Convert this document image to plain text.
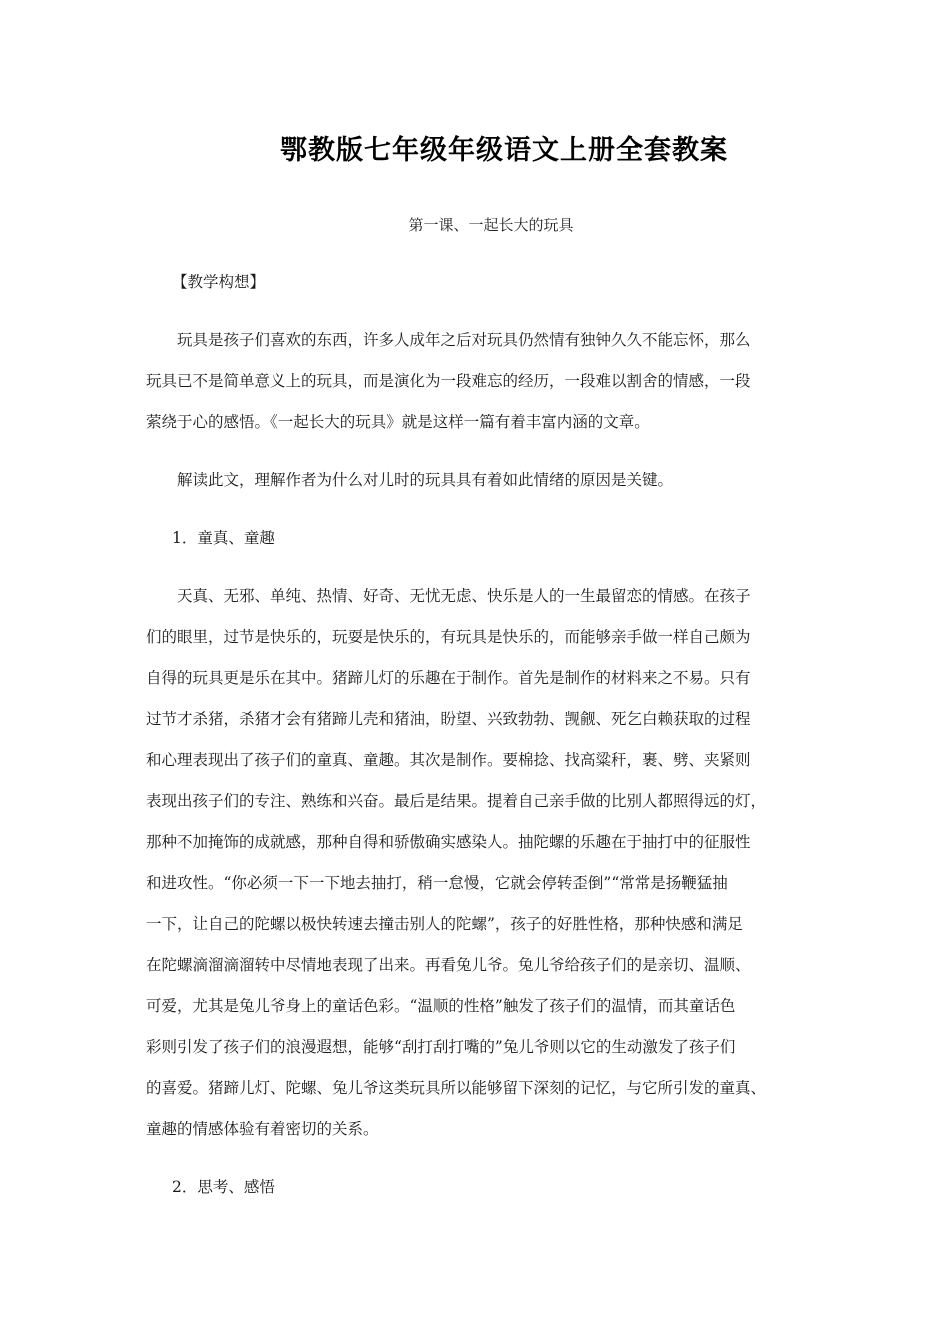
鄂教版七年级年级语文上册全套教案
第一课、一起长大的玩具
【教学构想】
　　玩具是孩子们喜欢的东西，许多人成年之后对玩具仍然情有独钟久久不能忘怀，那么
玩具已不是简单意义上的玩具，而是演化为一段难忘的经历，一段难以割舍的情感，一段
萦绕于心的感悟。《一起长大的玩具》就是这样一篇有着丰富内涵的文章。
　　解读此文，理解作者为什么对儿时的玩具具有着如此情绪的原因是关键。
1．童真、童趣
　　天真、无邪、单纯、热情、好奇、无忧无虑、快乐是人的一生最留恋的情感。在孩子
们的眼里，过节是快乐的，玩耍是快乐的，有玩具是快乐的，而能够亲手做一样自己颇为
自得的玩具更是乐在其中。猪蹄儿灯的乐趣在于制作。首先是制作的材料来之不易。只有
过节才杀猪，杀猪才会有猪蹄儿壳和猪油，盼望、兴致勃勃、觊觎、死乞白赖获取的过程
和心理表现出了孩子们的童真、童趣。其次是制作。要棉捻、找高粱秆，裹、劈、夹紧则
表现出孩子们的专注、熟练和兴奋。最后是结果。提着自己亲手做的比别人都照得远的灯，
那种不加掩饰的成就感，那种自得和骄傲确实感染人。抽陀螺的乐趣在于抽打中的征服性
和进攻性。“你必须一下一下地去抽打，稍一怠慢，它就会停转歪倒”“常常是扬鞭猛抽
一下，让自己的陀螺以极快转速去撞击别人的陀螺”，孩子的好胜性格，那种快感和满足
在陀螺滴溜滴溜转中尽情地表现了出来。再看兔儿爷。兔儿爷给孩子们的是亲切、温顺、
可爱，尤其是兔儿爷身上的童话色彩。“温顺的性格”触发了孩子们的温情，而其童话色
彩则引发了孩子们的浪漫遐想，能够“刮打刮打嘴的”兔儿爷则以它的生动激发了孩子们
的喜爱。猪蹄儿灯、陀螺、兔儿爷这类玩具所以能够留下深刻的记忆，与它所引发的童真、
童趣的情感体验有着密切的关系。
2．思考、感悟
